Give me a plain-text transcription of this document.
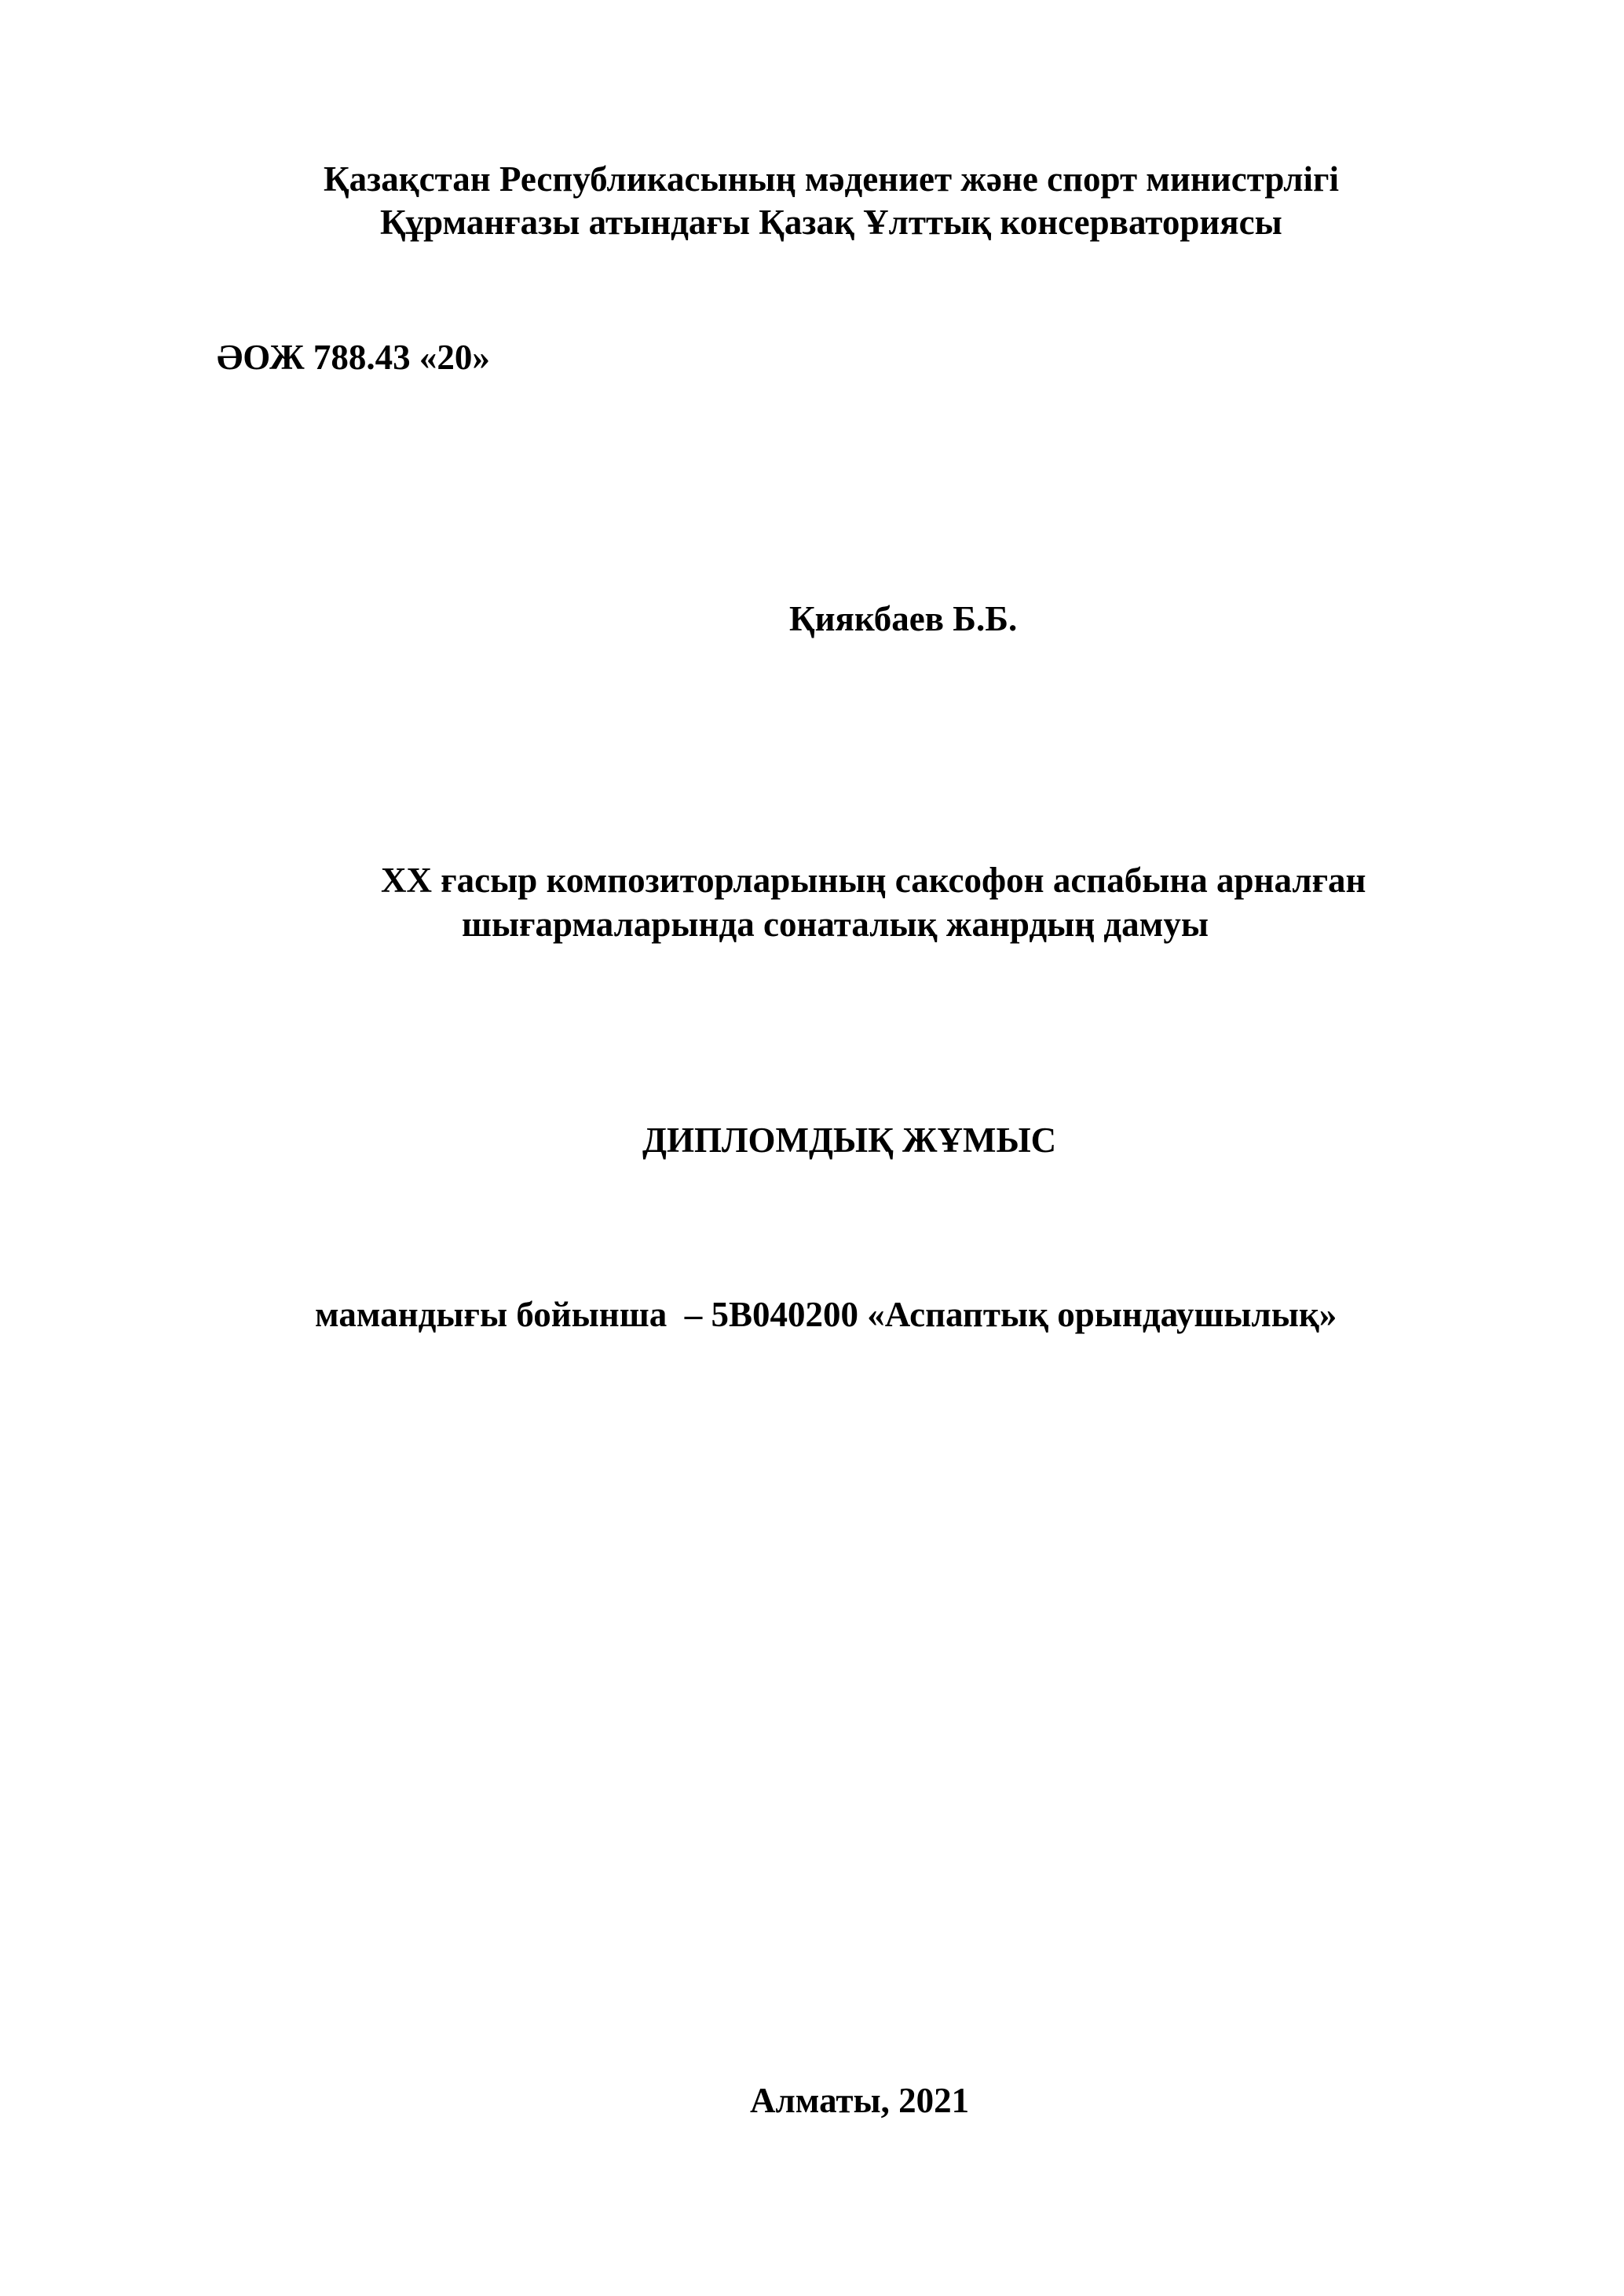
Қазақстан Республикасының мәдениет және спорт министрлігі
Құрманғазы атындағы Қазақ Ұлттық консерваториясы
ӘОЖ 788.43 «20»
Қиякбаев Б.Б.
XX ғасыр композиторларының саксофон аспабына арналған
шығармаларында сонаталық жанрдың дамуы
ДИПЛОМДЫҚ ЖҰМЫС
мамандығы бойынша  – 5B040200 «Аспаптық орындаушылық»
Алматы, 2021
